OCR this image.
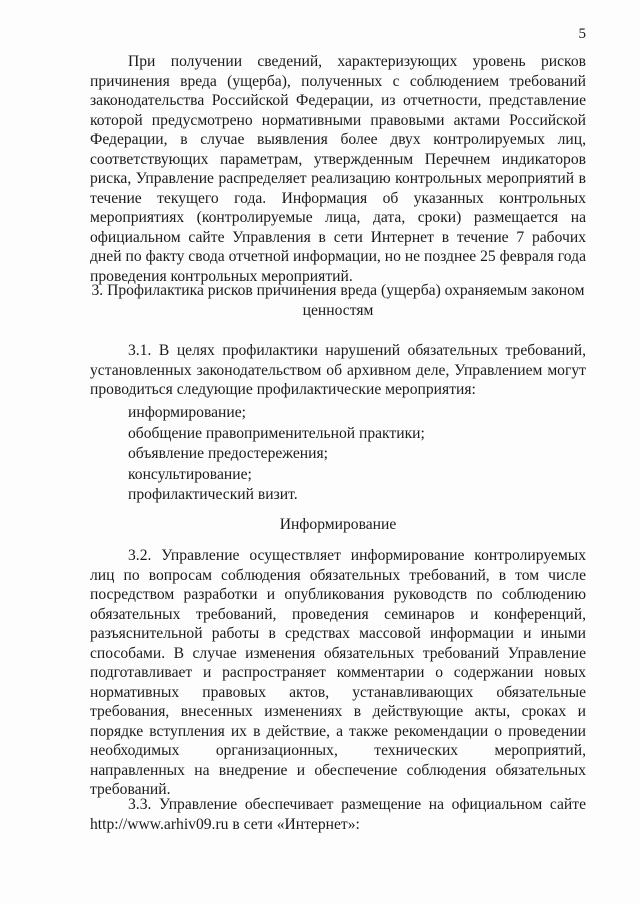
5

При получении сведений, характеризующих уровень рисков причинения вреда (ущерба), полученных с соблюдением требований законодательства Российской Федерации, из отчетности, представление которой предусмотрено нормативными правовыми актами Российской Федерации, в случае выявления более двух контролируемых лиц, соответствующих параметрам, утвержденным Перечнем индикаторов риска, Управление распределяет реализацию контрольных мероприятий в течение текущего года. Информация об указанных контрольных мероприятиях (контролируемые лица, дата, сроки) размещается на официальном сайте Управления в сети Интернет в течение 7 рабочих дней по факту свода отчетной информации, но не позднее 25 февраля года проведения контрольных мероприятий.

3. Профилактика рисков причинения вреда (ущерба) охраняемым законом ценностям

3.1. В целях профилактики нарушений обязательных требований, установленных законодательством об архивном деле, Управлением могут проводиться следующие профилактические мероприятия:

информирование;
обобщение правоприменительной практики;
объявление предостережения;
консультирование;
профилактический визит.
Информирование

3.2. Управление осуществляет информирование контролируемых лиц по вопросам соблюдения обязательных требований, в том числе посредством разработки и опубликования руководств по соблюдению обязательных требований, проведения семинаров и конференций, разъяснительной работы в средствах массовой информации и иными способами. В случае изменения обязательных требований Управление подготавливает и распространяет комментарии о содержании новых нормативных правовых актов, устанавливающих обязательные требования, внесенных изменениях в действующие акты, сроках и порядке вступления их в действие, а также рекомендации о проведении необходимых организационных, технических мероприятий, направленных на внедрение и обеспечение соблюдения обязательных требований.

3.3. Управление обеспечивает размещение на официальном сайте http://www.arhiv09.ru в сети «Интернет»:
